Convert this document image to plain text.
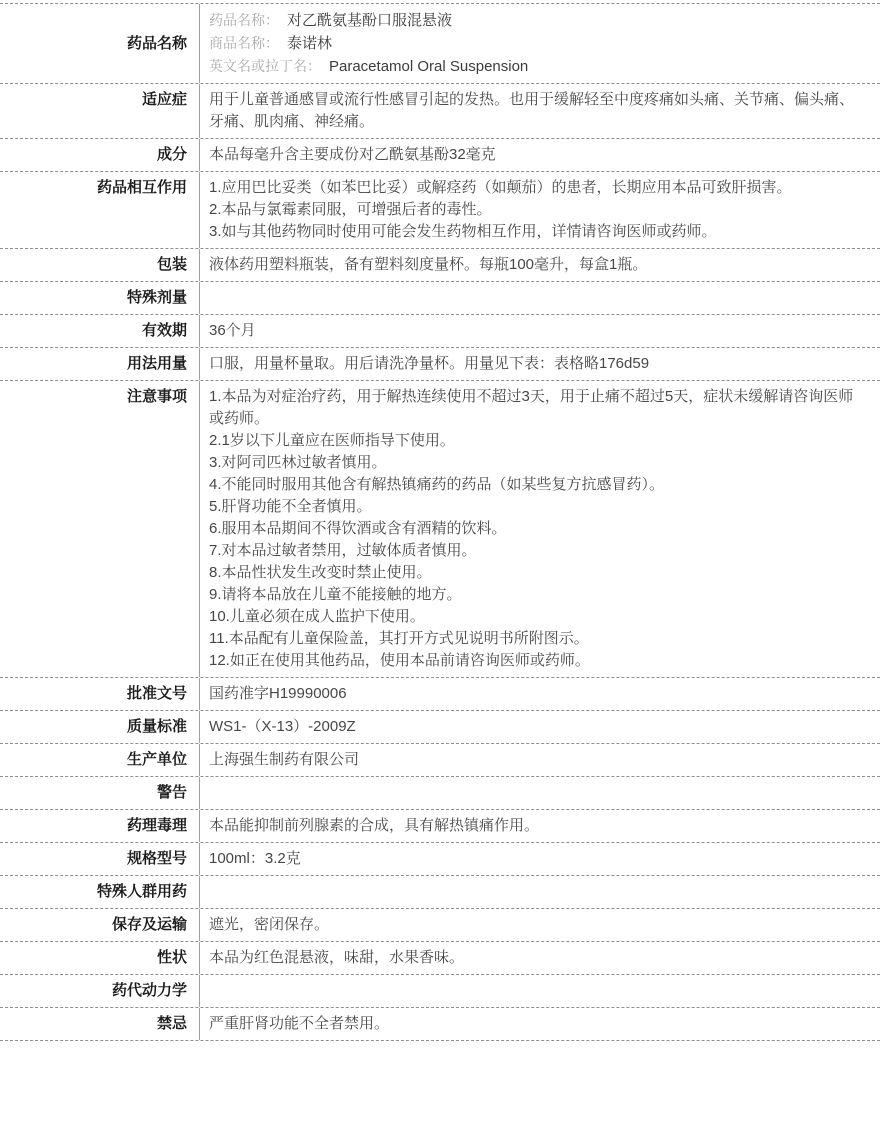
药品名称
药品名称： 对乙酰氨基酚口服混悬液
商品名称： 泰诺林
英文名或拉丁名： Paracetamol Oral Suspension
适应症	用于儿童普通感冒或流行性感冒引起的发热。也用于缓解轻至中度疼痛如头痛、关节痛、偏头痛、牙痛、肌肉痛、神经痛。
成分	本品每毫升含主要成份对乙酰氨基酚32毫克
药品相互作用	1.应用巴比妥类（如苯巴比妥）或解痉药（如颠茄）的患者，长期应用本品可致肝损害。
2.本品与氯霉素同服，可增强后者的毒性。
3.如与其他药物同时使用可能会发生药物相互作用，详情请咨询医师或药师。
包装	液体药用塑料瓶装，备有塑料刻度量杯。每瓶100毫升，每盒1瓶。
特殊剂量
有效期	36个月
用法用量	口服，用量杯量取。用后请洗净量杯。用量见下表：表格略176d59
注意事项	1.本品为对症治疗药，用于解热连续使用不超过3天，用于止痛不超过5天，症状未缓解请咨询医师或药师。
2.1岁以下儿童应在医师指导下使用。
3.对阿司匹林过敏者慎用。
4.不能同时服用其他含有解热镇痛药的药品（如某些复方抗感冒药）。
5.肝肾功能不全者慎用。
6.服用本品期间不得饮酒或含有酒精的饮料。
7.对本品过敏者禁用，过敏体质者慎用。
8.本品性状发生改变时禁止使用。
9.请将本品放在儿童不能接触的地方。
10.儿童必须在成人监护下使用。
11.本品配有儿童保险盖，其打开方式见说明书所附图示。
12.如正在使用其他药品，使用本品前请咨询医师或药师。
批准文号	国药准字H19990006
质量标准	WS1-（X-13）-2009Z
生产单位	上海强生制药有限公司
警告
药理毒理	本品能抑制前列腺素的合成，具有解热镇痛作用。
规格型号	100ml：3.2克
特殊人群用药
保存及运输	遮光，密闭保存。
性状	本品为红色混悬液，味甜，水果香味。
药代动力学
禁忌	严重肝肾功能不全者禁用。
